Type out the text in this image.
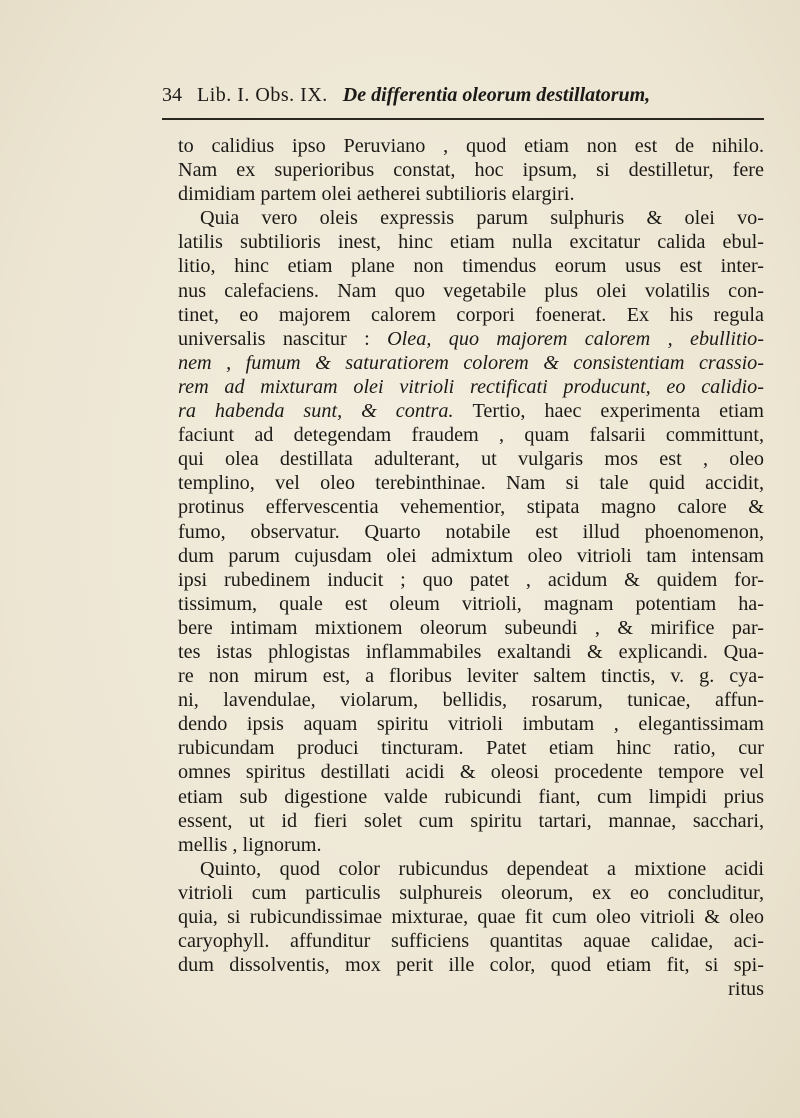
34 Lib. I. Obs. IX. De differentia oleorum destillatorum,
to calidius ipso Peruviano , quod etiam non est de nihilo.
Nam ex superioribus constat, hoc ipsum, si destilletur, fere
dimidiam partem olei aetherei subtilioris elargiri.
Quia vero oleis expressis parum sulphuris & olei vo-
latilis subtilioris inest, hinc etiam nulla excitatur calida ebul-
litio, hinc etiam plane non timendus eorum usus est inter-
nus calefaciens. Nam quo vegetabile plus olei volatilis con-
tinet, eo majorem calorem corpori foenerat. Ex his regula
universalis nascitur : Olea, quo majorem calorem , ebullitio-
nem , fumum & saturatiorem colorem & consistentiam crassio-
rem ad mixturam olei vitrioli rectificati producunt, eo calidio-
ra habenda sunt, & contra. Tertio, haec experimenta etiam
faciunt ad detegendam fraudem , quam falsarii committunt,
qui olea destillata adulterant, ut vulgaris mos est , oleo
templino, vel oleo terebinthinae. Nam si tale quid accidit,
protinus effervescentia vehementior, stipata magno calore &
fumo, observatur. Quarto notabile est illud phoenomenon,
dum parum cujusdam olei admixtum oleo vitrioli tam intensam
ipsi rubedinem inducit ; quo patet , acidum & quidem for-
tissimum, quale est oleum vitrioli, magnam potentiam ha-
bere intimam mixtionem oleorum subeundi , & mirifice par-
tes istas phlogistas inflammabiles exaltandi & explicandi. Qua-
re non mirum est, a floribus leviter saltem tinctis, v. g. cya-
ni, lavendulae, violarum, bellidis, rosarum, tunicae, affun-
dendo ipsis aquam spiritu vitrioli imbutam , elegantissimam
rubicundam produci tincturam. Patet etiam hinc ratio, cur
omnes spiritus destillati acidi & oleosi procedente tempore vel
etiam sub digestione valde rubicundi fiant, cum limpidi prius
essent, ut id fieri solet cum spiritu tartari, mannae, sacchari,
mellis , lignorum.
Quinto, quod color rubicundus dependeat a mixtione acidi
vitrioli cum particulis sulphureis oleorum, ex eo concluditur,
quia, si rubicundissimae mixturae, quae fit cum oleo vitrioli & oleo
caryophyll. affunditur sufficiens quantitas aquae calidae, aci-
dum dissolventis, mox perit ille color, quod etiam fit, si spi-
ritus
